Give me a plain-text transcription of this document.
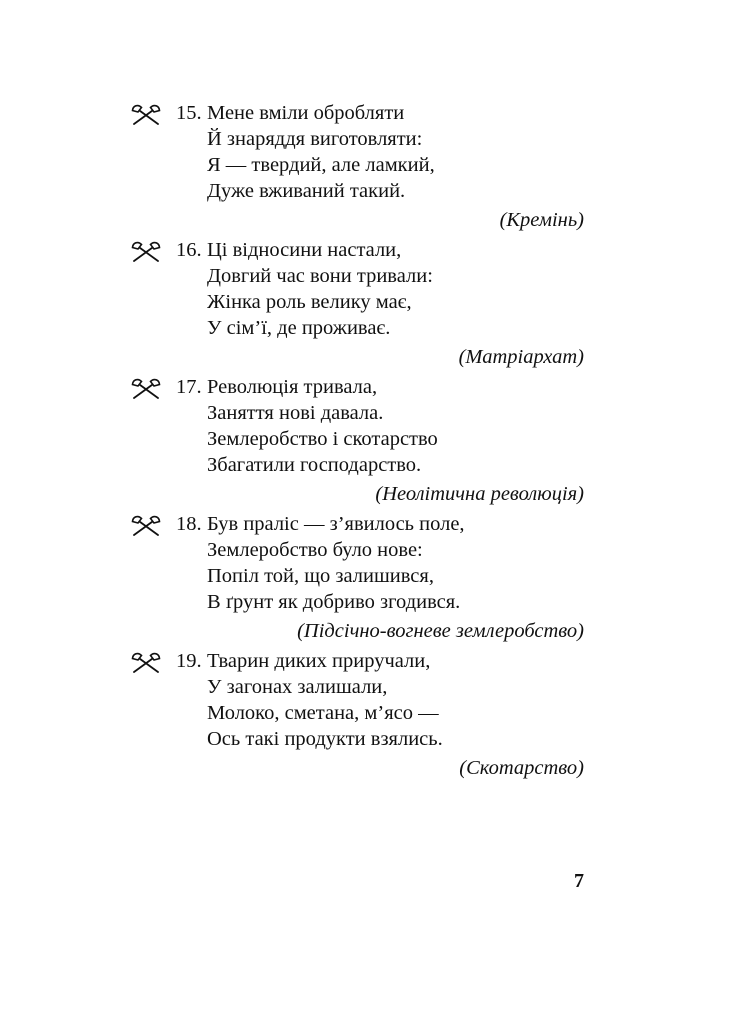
15. Мене вміли обробляти
Й знаряддя виготовляти:
Я — твердий, але ламкий,
Дуже вживаний такий.
(Кремінь)
16. Ці відносини настали,
Довгий час вони тривали:
Жінка роль велику має,
У сім’ї, де проживає.
(Матріархат)
17. Революція тривала,
Заняття нові давала.
Землеробство і скотарство
Збагатили господарство.
(Неолітична революція)
18. Був праліс — з’явилось поле,
Землеробство було нове:
Попіл той, що залишився,
В ґрунт як добриво згодився.
(Підсічно-вогневе землеробство)
19. Тварин диких приручали,
У загонах залишали,
Молоко, сметана, м’ясо —
Ось такі продукти взялись.
(Скотарство)
7
